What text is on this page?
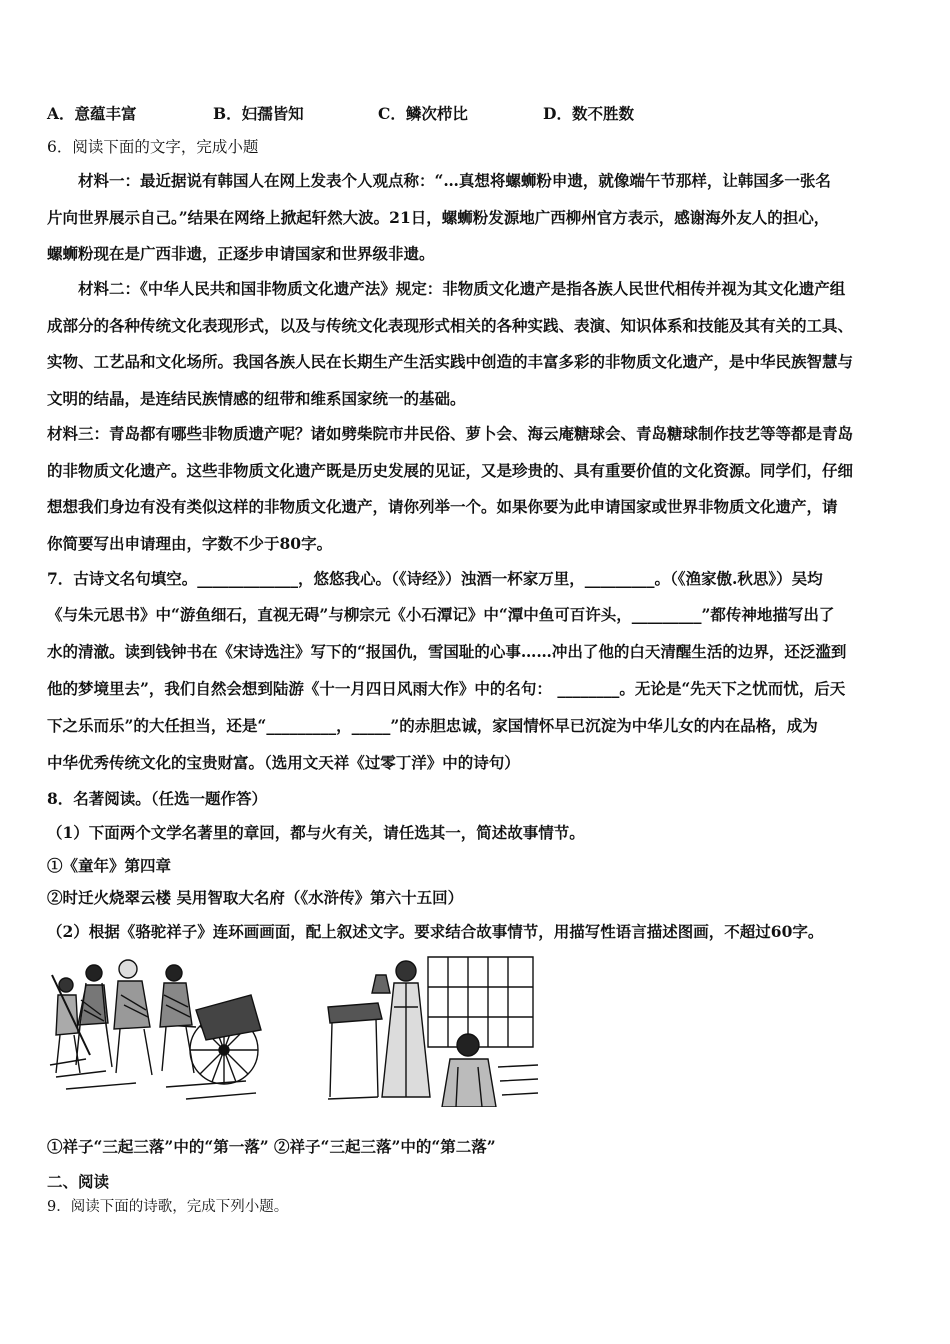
A．意蕴丰富	B．妇孺皆知	C．鳞次栉比	D．数不胜数
6．阅读下面的文字，完成小题
材料一：最近据说有韩国人在网上发表个人观点称：“…真想将螺蛳粉申遗，就像端午节那样，让韩国多一张名
片向世界展示自己。”结果在网络上掀起轩然大波。21日，螺蛳粉发源地广西柳州官方表示，感谢海外友人的担心，
螺蛳粉现在是广西非遗，正逐步申请国家和世界级非遗。
材料二：《中华人民共和国非物质文化遗产法》规定：非物质文化遗产是指各族人民世代相传并视为其文化遗产组
成部分的各种传统文化表现形式，以及与传统文化表现形式相关的各种实践、表演、知识体系和技能及其有关的工具、
实物、工艺品和文化场所。我国各族人民在长期生产生活实践中创造的丰富多彩的非物质文化遗产，是中华民族智慧与
文明的结晶，是连结民族情感的纽带和维系国家统一的基础。
材料三：青岛都有哪些非物质遗产呢？诸如劈柴院市井民俗、萝卜会、海云庵糖球会、青岛糖球制作技艺等等都是青岛
的非物质文化遗产。这些非物质文化遗产既是历史发展的见证，又是珍贵的、具有重要价值的文化资源。同学们，仔细
想想我们身边有没有类似这样的非物质文化遗产，请你列举一个。如果你要为此申请国家或世界非物质文化遗产，请
你简要写出申请理由，字数不少于80字。
7．古诗文名句填空。_____________，悠悠我心。（《诗经》）浊酒一杯家万里，_________。（《渔家傲.秋思》）吴均
《与朱元思书》中“游鱼细石，直视无碍”与柳宗元《小石潭记》中“潭中鱼可百许头，_________”都传神地描写出了
水的清澈。读到钱钟书在《宋诗选注》写下的“报国仇，雪国耻的心事……冲出了他的白天清醒生活的边界，还泛滥到
他的梦境里去”，我们自然会想到陆游《十一月四日风雨大作》中的名句： ________。无论是“先天下之忧而忧，后天
下之乐而乐”的大任担当，还是“_________，_____”的赤胆忠诚，家国情怀早已沉淀为中华儿女的内在品格，成为
中华优秀传统文化的宝贵财富。（选用文天祥《过零丁洋》中的诗句）
8．名著阅读。（任选一题作答）
（1）下面两个文学名著里的章回，都与火有关，请任选其一，简述故事情节。
①《童年》第四章
②时迁火烧翠云楼 吴用智取大名府（《水浒传》第六十五回）
（2）根据《骆驼祥子》连环画画面，配上叙述文字。要求结合故事情节，用描写性语言描述图画，不超过60字。
①祥子“三起三落”中的“第一落” ②祥子“三起三落”中的“第二落”
二、阅读
9．阅读下面的诗歌，完成下列小题。
